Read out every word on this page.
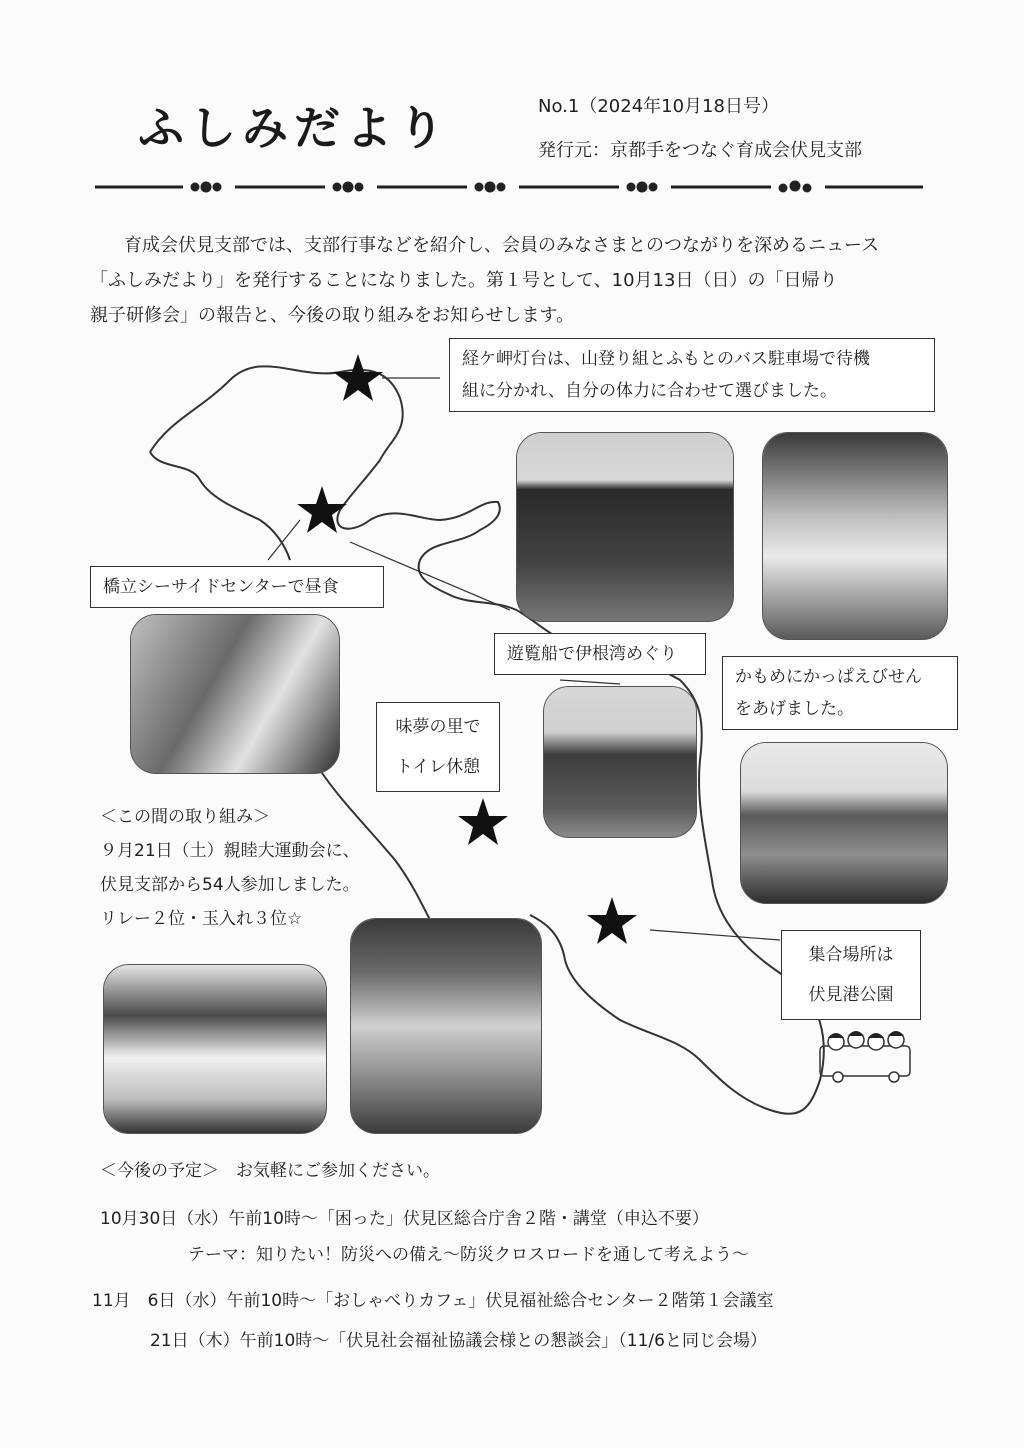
ふしみだより	No.1（2024年10月18日号）
発行元：京都手をつなぐ育成会伏見支部

育成会伏見支部では、支部行事などを紹介し、会員のみなさまとのつながりを深めるニュース

「ふしみだより」を発行することになりました。第１号として、10月13日（日）の「日帰り

親子研修会」の報告と、今後の取り組みをお知らせします。

経ケ岬灯台は、山登り組とふもとのバス駐車場で待機
組に分かれ、自分の体力に合わせて選びました。
橋立シーサイドセンターで昼食
遊覧船で伊根湾めぐり
かもめにかっぱえびせん
をあげました。
味夢の里で
トイレ休憩
集合場所は
伏見港公園
＜この間の取り組み＞
９月21日（土）親睦大運動会に、
伏見支部から54人参加しました。
リレー２位・玉入れ３位☆
＜今後の予定＞　お気軽にご参加ください。
10月30日（水）午前10時～「困った」伏見区総合庁舎２階・講堂（申込不要）
テーマ：知りたい！防災への備え～防災クロスロードを通して考えよう～
11月　6日（水）午前10時～「おしゃべりカフェ」伏見福祉総合センター２階第１会議室
21日（木）午前10時～「伏見社会福祉協議会様との懇談会」（11/6と同じ会場）
